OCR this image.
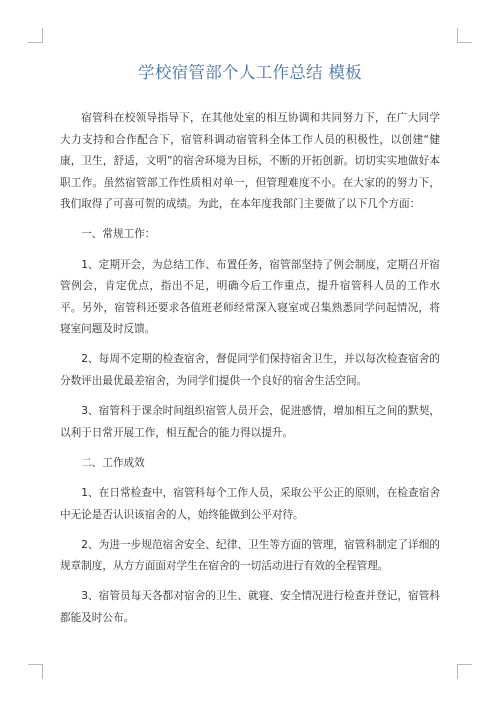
学校宿管部个人工作总结 模板

宿管科在校领导指导下，在其他处室的相互协调和共同努力下，在广大同学大力支持和合作配合下，宿管科调动宿管科全体工作人员的积极性，以创建“健康，卫生，舒适，文明”的宿舍环境为目标，不断的开拓创新。切切实实地做好本职工作。虽然宿管部工作性质相对单一，但管理难度不小。在大家的的努力下，我们取得了可喜可贺的成绩。为此，在本年度我部门主要做了以下几个方面：

一、常规工作：

1、定期开会，为总结工作、布置任务，宿管部坚持了例会制度，定期召开宿管例会，肯定优点，指出不足，明确今后工作重点，提升宿管科人员的工作水平。另外，宿管科还要求各值班老师经常深入寝室或召集熟悉同学问起情况，将寝室问题及时反馈。

2、每周不定期的检查宿舍，督促同学们保持宿舍卫生，并以每次检查宿舍的分数评出最优最差宿舍，为同学们提供一个良好的宿舍生活空间。

3、宿管科于课余时间组织宿管人员开会，促进感情，增加相互之间的默契，以利于日常开展工作，相互配合的能力得以提升。

二、工作成效

1、在日常检查中，宿管科每个工作人员，采取公平公正的原则，在检查宿舍中无论是否认识该宿舍的人，始终能做到公平对待。

2、为进一步规范宿舍安全、纪律、卫生等方面的管理，宿管科制定了详细的规章制度，从方方面面对学生在宿舍的一切活动进行有效的全程管理。

3、宿管员每天各都对宿舍的卫生、就寝、安全情况进行检查并登记，宿管科都能及时公布。
